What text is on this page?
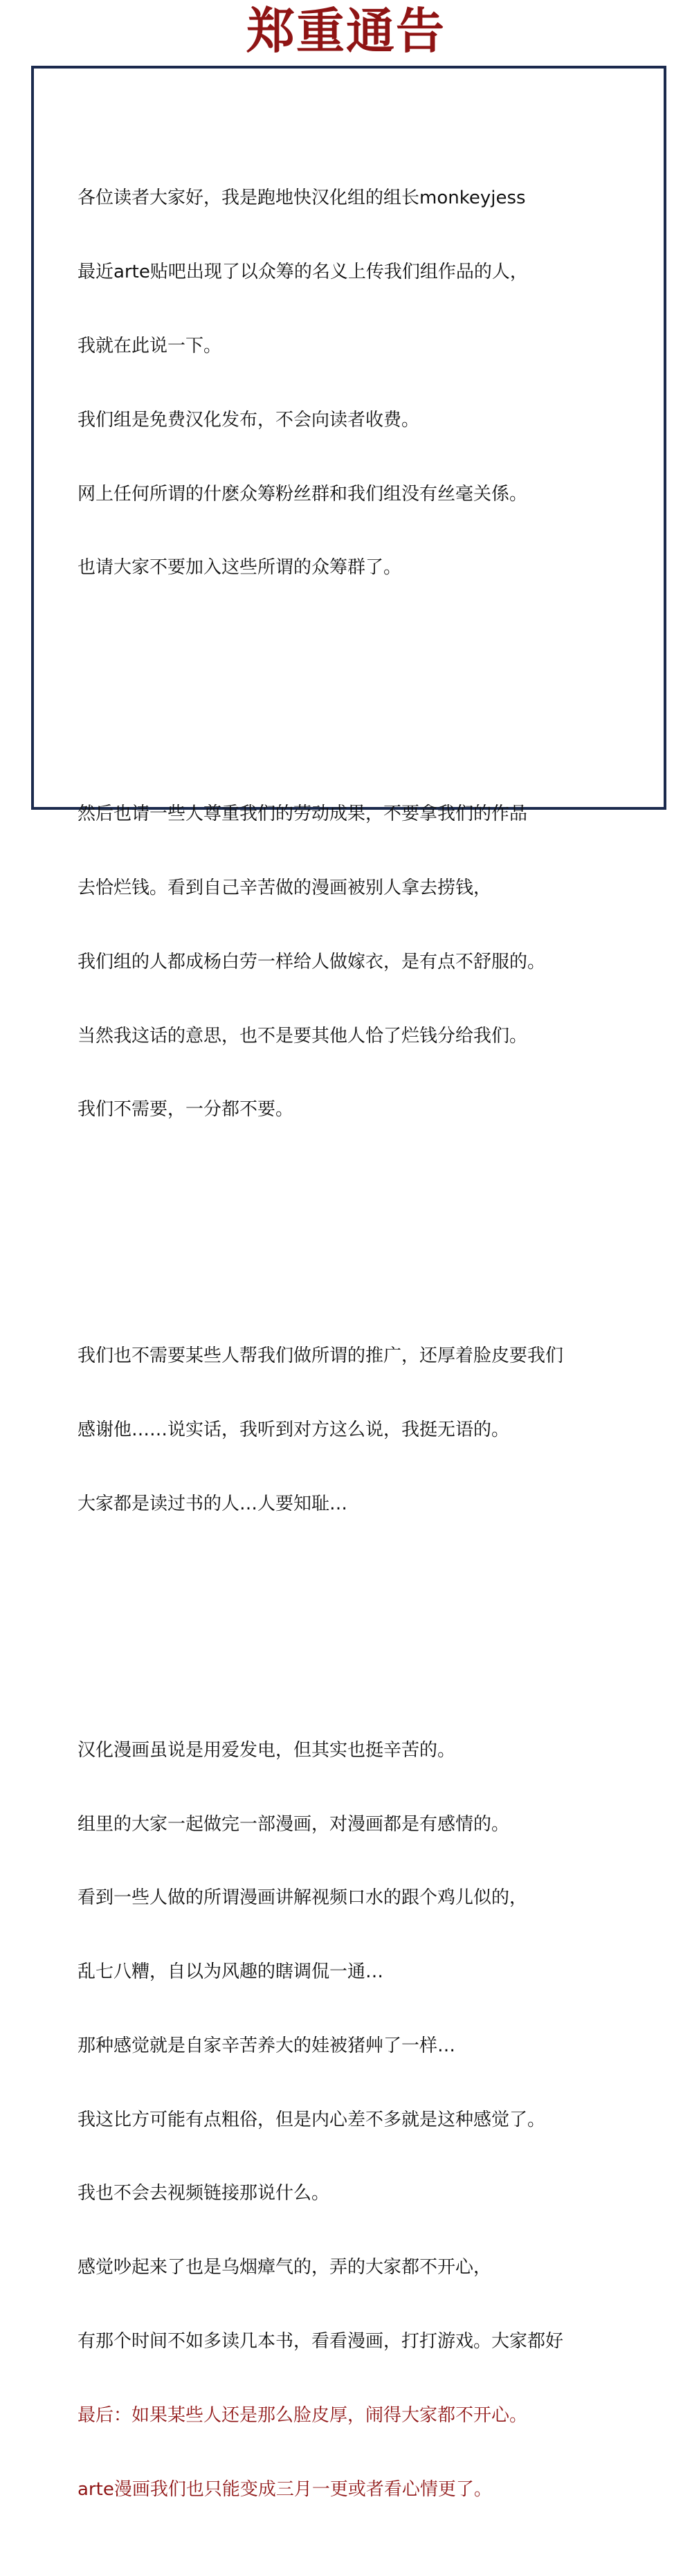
郑重通告

各位读者大家好，我是跑地快汉化组的组长monkeyjess

最近arte贴吧出现了以众筹的名义上传我们组作品的人，

我就在此说一下。

我们组是免费汉化发布，不会向读者收费。

网上任何所谓的什麽众筹粉丝群和我们组没有丝毫关係。

也请大家不要加入这些所谓的众筹群了。

然后也请一些人尊重我们的劳动成果，不要拿我们的作品

去恰烂钱。看到自己辛苦做的漫画被别人拿去捞钱，

我们组的人都成杨白劳一样给人做嫁衣，是有点不舒服的。

当然我这话的意思，也不是要其他人恰了烂钱分给我们。

我们不需要，一分都不要。

我们也不需要某些人帮我们做所谓的推广，还厚着脸皮要我们

感谢他……说实话，我听到对方这么说，我挺无语的。

大家都是读过书的人…人要知耻…

汉化漫画虽说是用爱发电，但其实也挺辛苦的。

组里的大家一起做完一部漫画，对漫画都是有感情的。

看到一些人做的所谓漫画讲解视频口水的跟个鸡儿似的，

乱七八糟，自以为风趣的瞎调侃一通…

那种感觉就是自家辛苦养大的娃被猪艸了一样…

我这比方可能有点粗俗，但是内心差不多就是这种感觉了。

我也不会去视频链接那说什么。

感觉吵起来了也是乌烟瘴气的，弄的大家都不开心，

有那个时间不如多读几本书，看看漫画，打打游戏。大家都好

最后：如果某些人还是那么脸皮厚，闹得大家都不开心。

arte漫画我们也只能变成三月一更或者看心情更了。
